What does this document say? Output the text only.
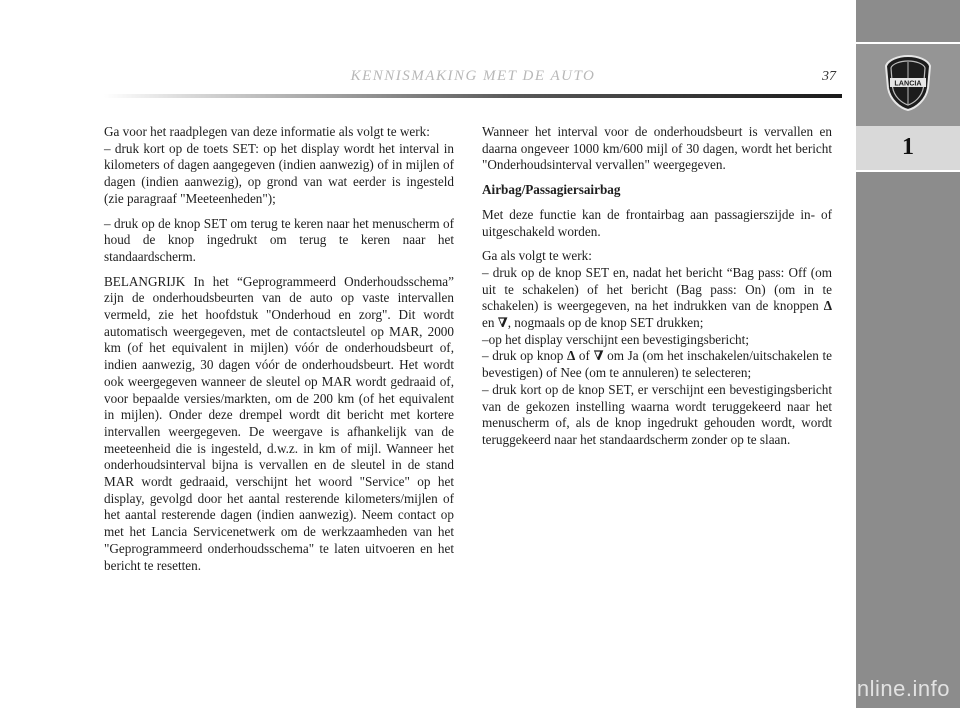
KENNISMAKING MET DE AUTO	37	LANCIA
1
carmanualsonline.info

Ga voor het raadplegen van deze informatie als volgt te werk:

– druk kort op de toets SET: op het display wordt het interval in kilometers of dagen aangegeven (indien aanwezig) of in mijlen of dagen (indien aanwezig), op grond van wat eerder is ingesteld (zie paragraaf "Meeteenheden");

– druk op de knop SET om terug te keren naar het menuscherm of houd de knop ingedrukt om terug te keren naar het standaardscherm.

BELANGRIJK In het “Geprogrammeerd Onderhoudsschema” zijn de onderhoudsbeurten van de auto op vaste intervallen vermeld, zie het hoofdstuk "Onderhoud en zorg". Dit wordt automatisch weergegeven, met de contactsleutel op MAR, 2000 km (of het equivalent in mijlen) vóór de onderhoudsbeurt of, indien aanwezig, 30 dagen vóór de onderhoudsbeurt. Het wordt ook weergegeven wanneer de sleutel op MAR wordt gedraaid of, voor bepaalde versies/markten, om de 200 km (of het equivalent in mijlen). Onder deze drempel wordt dit bericht met kortere intervallen weergegeven. De weergave is afhankelijk van de meeteenheid die is ingesteld, d.w.z. in km of mijl. Wanneer het onderhoudsinterval bijna is vervallen en de sleutel in de stand MAR wordt gedraaid, verschijnt het woord "Service" op het display, gevolgd door het aantal resterende kilometers/mijlen of het aantal resterende dagen (indien aanwezig). Neem contact op met het Lancia Servicenetwerk om de werkzaamheden van het "Geprogrammeerd onderhoudsschema" te laten uitvoeren en het bericht te resetten.

Wanneer het interval voor de onderhoudsbeurt is vervallen en daarna ongeveer 1000 km/600 mijl of 30 dagen, wordt het bericht "Onderhoudsinterval vervallen" weergegeven.

Airbag/Passagiersairbag

Met deze functie kan de frontairbag aan passagierszijde in- of uitgeschakeld worden.

Ga als volgt te werk:

– druk op de knop SET en, nadat het bericht “Bag pass: Off (om uit te schakelen) of het bericht (Bag pass: On) (om in te schakelen) is weergegeven, na het indrukken van de knoppen Δ en ∇, nogmaals op de knop SET drukken;

–op het display verschijnt een bevestigingsbericht;

– druk op knop Δ of ∇ om Ja (om het inschakelen/uitschakelen te bevestigen) of Nee (om te annuleren) te selecteren;

– druk kort op de knop SET, er verschijnt een bevestigingsbericht van de gekozen instelling waarna wordt teruggekeerd naar het menuscherm of, als de knop ingedrukt gehouden wordt, wordt teruggekeerd naar het standaardscherm zonder op te slaan.
